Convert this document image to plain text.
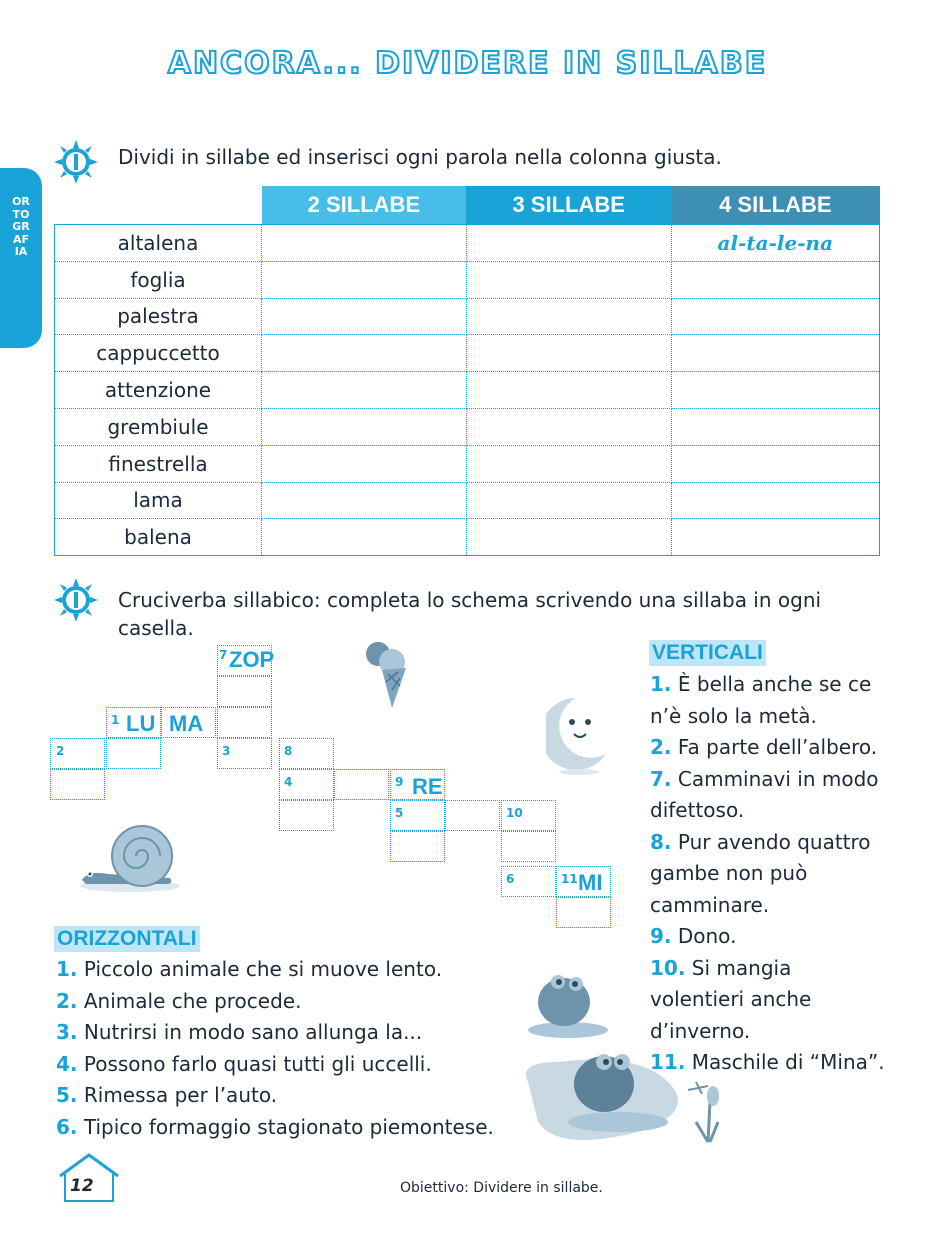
ANCORA... DIVIDERE IN SILLABE
ORTOGRAFIA
Dividi in sillabe ed inserisci ogni parola nella colonna giusta.
	2 SILLABE	3 SILLABE	4 SILLABE
altalena			al-ta-le-na
foglia			
palestra			
cappuccetto			
attenzione			
grembiule			
finestrella			
lama			
balena			
Cruciverba sillabico: completa lo schema scrivendo una sillaba in ogni casella.
7 ZOP
1 LU MA
2	3	8
4	9 RE
5	10
6	11 MI
VERTICALI
1. È bella anche se ce
n’è solo la metà.
2. Fa parte dell’albero.
7. Camminavi in modo
difettoso.
8. Pur avendo quattro
gambe non può
camminare.
9. Dono.
10. Si mangia
volentieri anche
d’inverno.
11. Maschile di “Mina”.
ORIZZONTALI
1. Piccolo animale che si muove lento.
2. Animale che procede.
3. Nutrirsi in modo sano allunga la...
4. Possono farlo quasi tutti gli uccelli.
5. Rimessa per l’auto.
6. Tipico formaggio stagionato piemontese.
12	Obiettivo: Dividere in sillabe.
